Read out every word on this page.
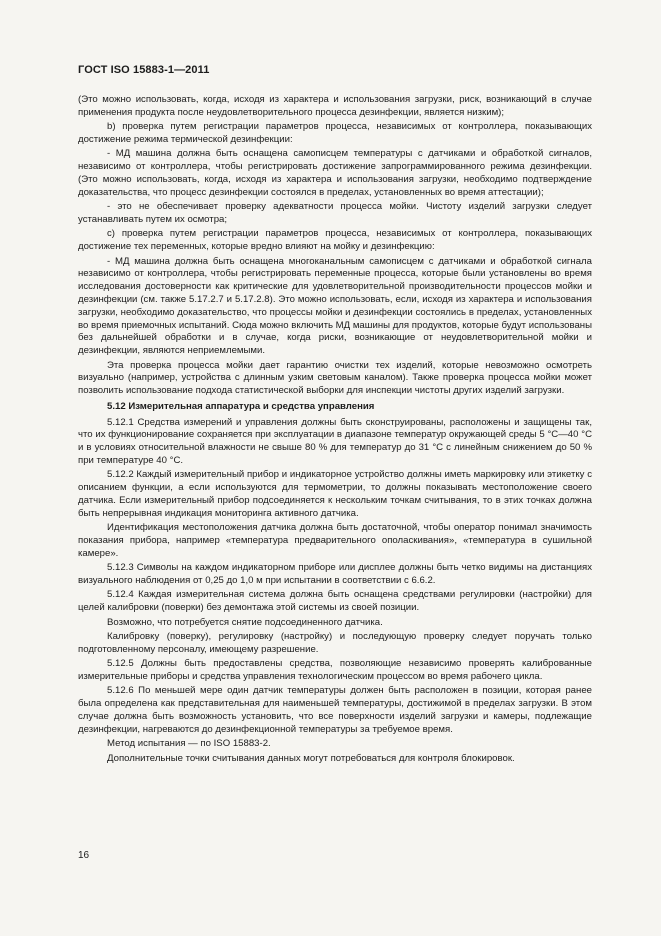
ГОСТ ISO 15883-1—2011

(Это можно использовать, когда, исходя из характера и использования загрузки, риск, возникающий в случае применения продукта после неудовлетворительного процесса дезинфекции, является низким);

b) проверка путем регистрации параметров процесса, независимых от контроллера, показывающих достижение режима термической дезинфекции:

- МД машина должна быть оснащена самописцем температуры с датчиками и обработкой сигналов, независимо от контроллера, чтобы регистрировать достижение запрограммированного режима дезинфекции. (Это можно использовать, когда, исходя из характера и использования загрузки, необходимо подтверждение доказательства, что процесс дезинфекции состоялся в пределах, установленных во время аттестации);

- это не обеспечивает проверку адекватности процесса мойки. Чистоту изделий загрузки следует устанавливать путем их осмотра;

c) проверка путем регистрации параметров процесса, независимых от контроллера, показывающих достижение тех переменных, которые вредно влияют на мойку и дезинфекцию:

- МД машина должна быть оснащена многоканальным самописцем с датчиками и обработкой сигнала независимо от контроллера, чтобы регистрировать переменные процесса, которые были установлены во время исследования достоверности как критические для удовлетворительной производительности процессов мойки и дезинфекции (см. также 5.17.2.7 и 5.17.2.8). Это можно использовать, если, исходя из характера и использования загрузки, необходимо доказательство, что процессы мойки и дезинфекции состоялись в пределах, установленных во время приемочных испытаний. Сюда можно включить МД машины для продуктов, которые будут использованы без дальнейшей обработки и в случае, когда риски, возникающие от неудовлетворительной мойки и дезинфекции, являются неприемлемыми.

Эта проверка процесса мойки дает гарантию очистки тех изделий, которые невозможно осмотреть визуально (например, устройства с длинным узким световым каналом). Также проверка процесса мойки может позволить использование подхода статистической выборки для инспекции чистоты других изделий загрузки.

5.12 Измерительная аппаратура и средства управления

5.12.1 Средства измерений и управления должны быть сконструированы, расположены и защищены так, что их функционирование сохраняется при эксплуатации в диапазоне температур окружающей среды 5 °C—40 °C и в условиях относительной влажности не свыше 80 % для температур до 31 °C с линейным снижением до 50 % при температуре 40 °C.

5.12.2 Каждый измерительный прибор и индикаторное устройство должны иметь маркировку или этикетку с описанием функции, а если используются для термометрии, то должны показывать местоположение своего датчика. Если измерительный прибор подсоединяется к нескольким точкам считывания, то в этих точках должна быть непрерывная индикация мониторинга активного датчика.

Идентификация местоположения датчика должна быть достаточной, чтобы оператор понимал значимость показания прибора, например «температура предварительного ополаскивания», «температура в сушильной камере».

5.12.3 Символы на каждом индикаторном приборе или дисплее должны быть четко видимы на дистанциях визуального наблюдения от 0,25 до 1,0 м при испытании в соответствии с 6.6.2.

5.12.4 Каждая измерительная система должна быть оснащена средствами регулировки (настройки) для целей калибровки (поверки) без демонтажа этой системы из своей позиции.

Возможно, что потребуется снятие подсоединенного датчика.

Калибровку (поверку), регулировку (настройку) и последующую проверку следует поручать только подготовленному персоналу, имеющему разрешение.

5.12.5 Должны быть предоставлены средства, позволяющие независимо проверять калиброванные измерительные приборы и средства управления технологическим процессом во время рабочего цикла.

5.12.6 По меньшей мере один датчик температуры должен быть расположен в позиции, которая ранее была определена как представительная для наименьшей температуры, достижимой в пределах загрузки. В этом случае должна быть возможность установить, что все поверхности изделий загрузки и камеры, подлежащие дезинфекции, нагреваются до дезинфекционной температуры за требуемое время.

Метод испытания — по ISO 15883-2.

Дополнительные точки считывания данных могут потребоваться для контроля блокировок.

16
